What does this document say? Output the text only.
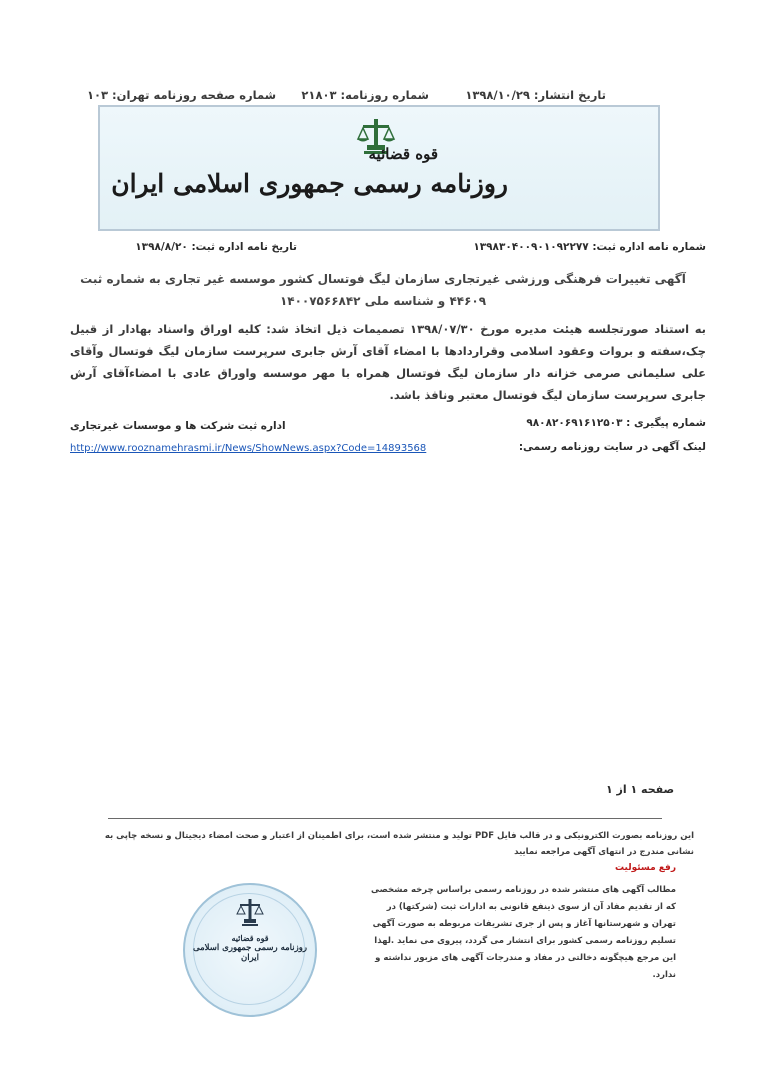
تاریخ انتشار: ۱۳۹۸/۱۰/۲۹
شماره روزنامه: ۲۱۸۰۳
شماره صفحه روزنامه تهران: ۱۰۳
قوه قضائیه
روزنامه رسمی جمهوری اسلامی ایران
شماره نامه اداره ثبت: ۱۳۹۸۳۰۴۰۰۹۰۱۰۹۲۲۷۷
تاریخ نامه اداره ثبت: ۱۳۹۸/۸/۲۰
آگهی تغییرات فرهنگی ورزشی غیرتجاری سازمان لیگ فوتسال کشور موسسه غیر تجاری به شماره ثبت ۴۴۶۰۹ و شناسه ملی ۱۴۰۰۷۵۶۶۸۴۲
به استناد صورتجلسه هیئت مدیره مورخ ۱۳۹۸/۰۷/۳۰ تصمیمات ذیل اتخاذ شد: کلیه اوراق واسناد بهادار از قبیل چک،سفته و بروات وعقود اسلامی وقراردادها با امضاء آقای آرش جابری سرپرست سازمان لیگ فوتسال وآقای علی سلیمانی صرمی خزانه دار سازمان لیگ فوتسال همراه با مهر موسسه واوراق عادی با امضاءآقای آرش جابری سرپرست سازمان لیگ فوتسال معتبر ونافذ باشد.
شماره پیگیری : ۹۸۰۸۲۰۶۹۱۶۱۲۵۰۳
اداره ثبت شرکت ها و موسسات غیرتجاری
لینک آگهی در سایت روزنامه رسمی:
http://www.rooznamehrasmi.ir/News/ShowNews.aspx?Code=14893568
صفحه ۱ از ۱
این روزنامه بصورت الکترونیکی و در قالب فایل PDF تولید و منتشر شده است، برای اطمینان از اعتبار و صحت امضاء دیجیتال و نسخه چاپی به نشانی مندرج در انتهای آگهی مراجعه نمایید
رفع مسئولیت
مطالب آگهی های منتشر شده در روزنامه رسمی براساس چرخه مشخصی که از تقدیم مفاد آن از سوی ذینفع قانونی به ادارات ثبت (شرکتها) در تهران و شهرستانها آغاز و پس از جری تشریفات مربوطه به صورت آگهی تسلیم روزنامه رسمی کشور برای انتشار می گردد، پیروی می نماید .لهذا این مرجع هیچگونه دخالتی در مفاد و مندرجات آگهی های مزبور نداشته و ندارد.
قوه قضائیه
روزنامه رسمی جمهوری اسلامی ایران
